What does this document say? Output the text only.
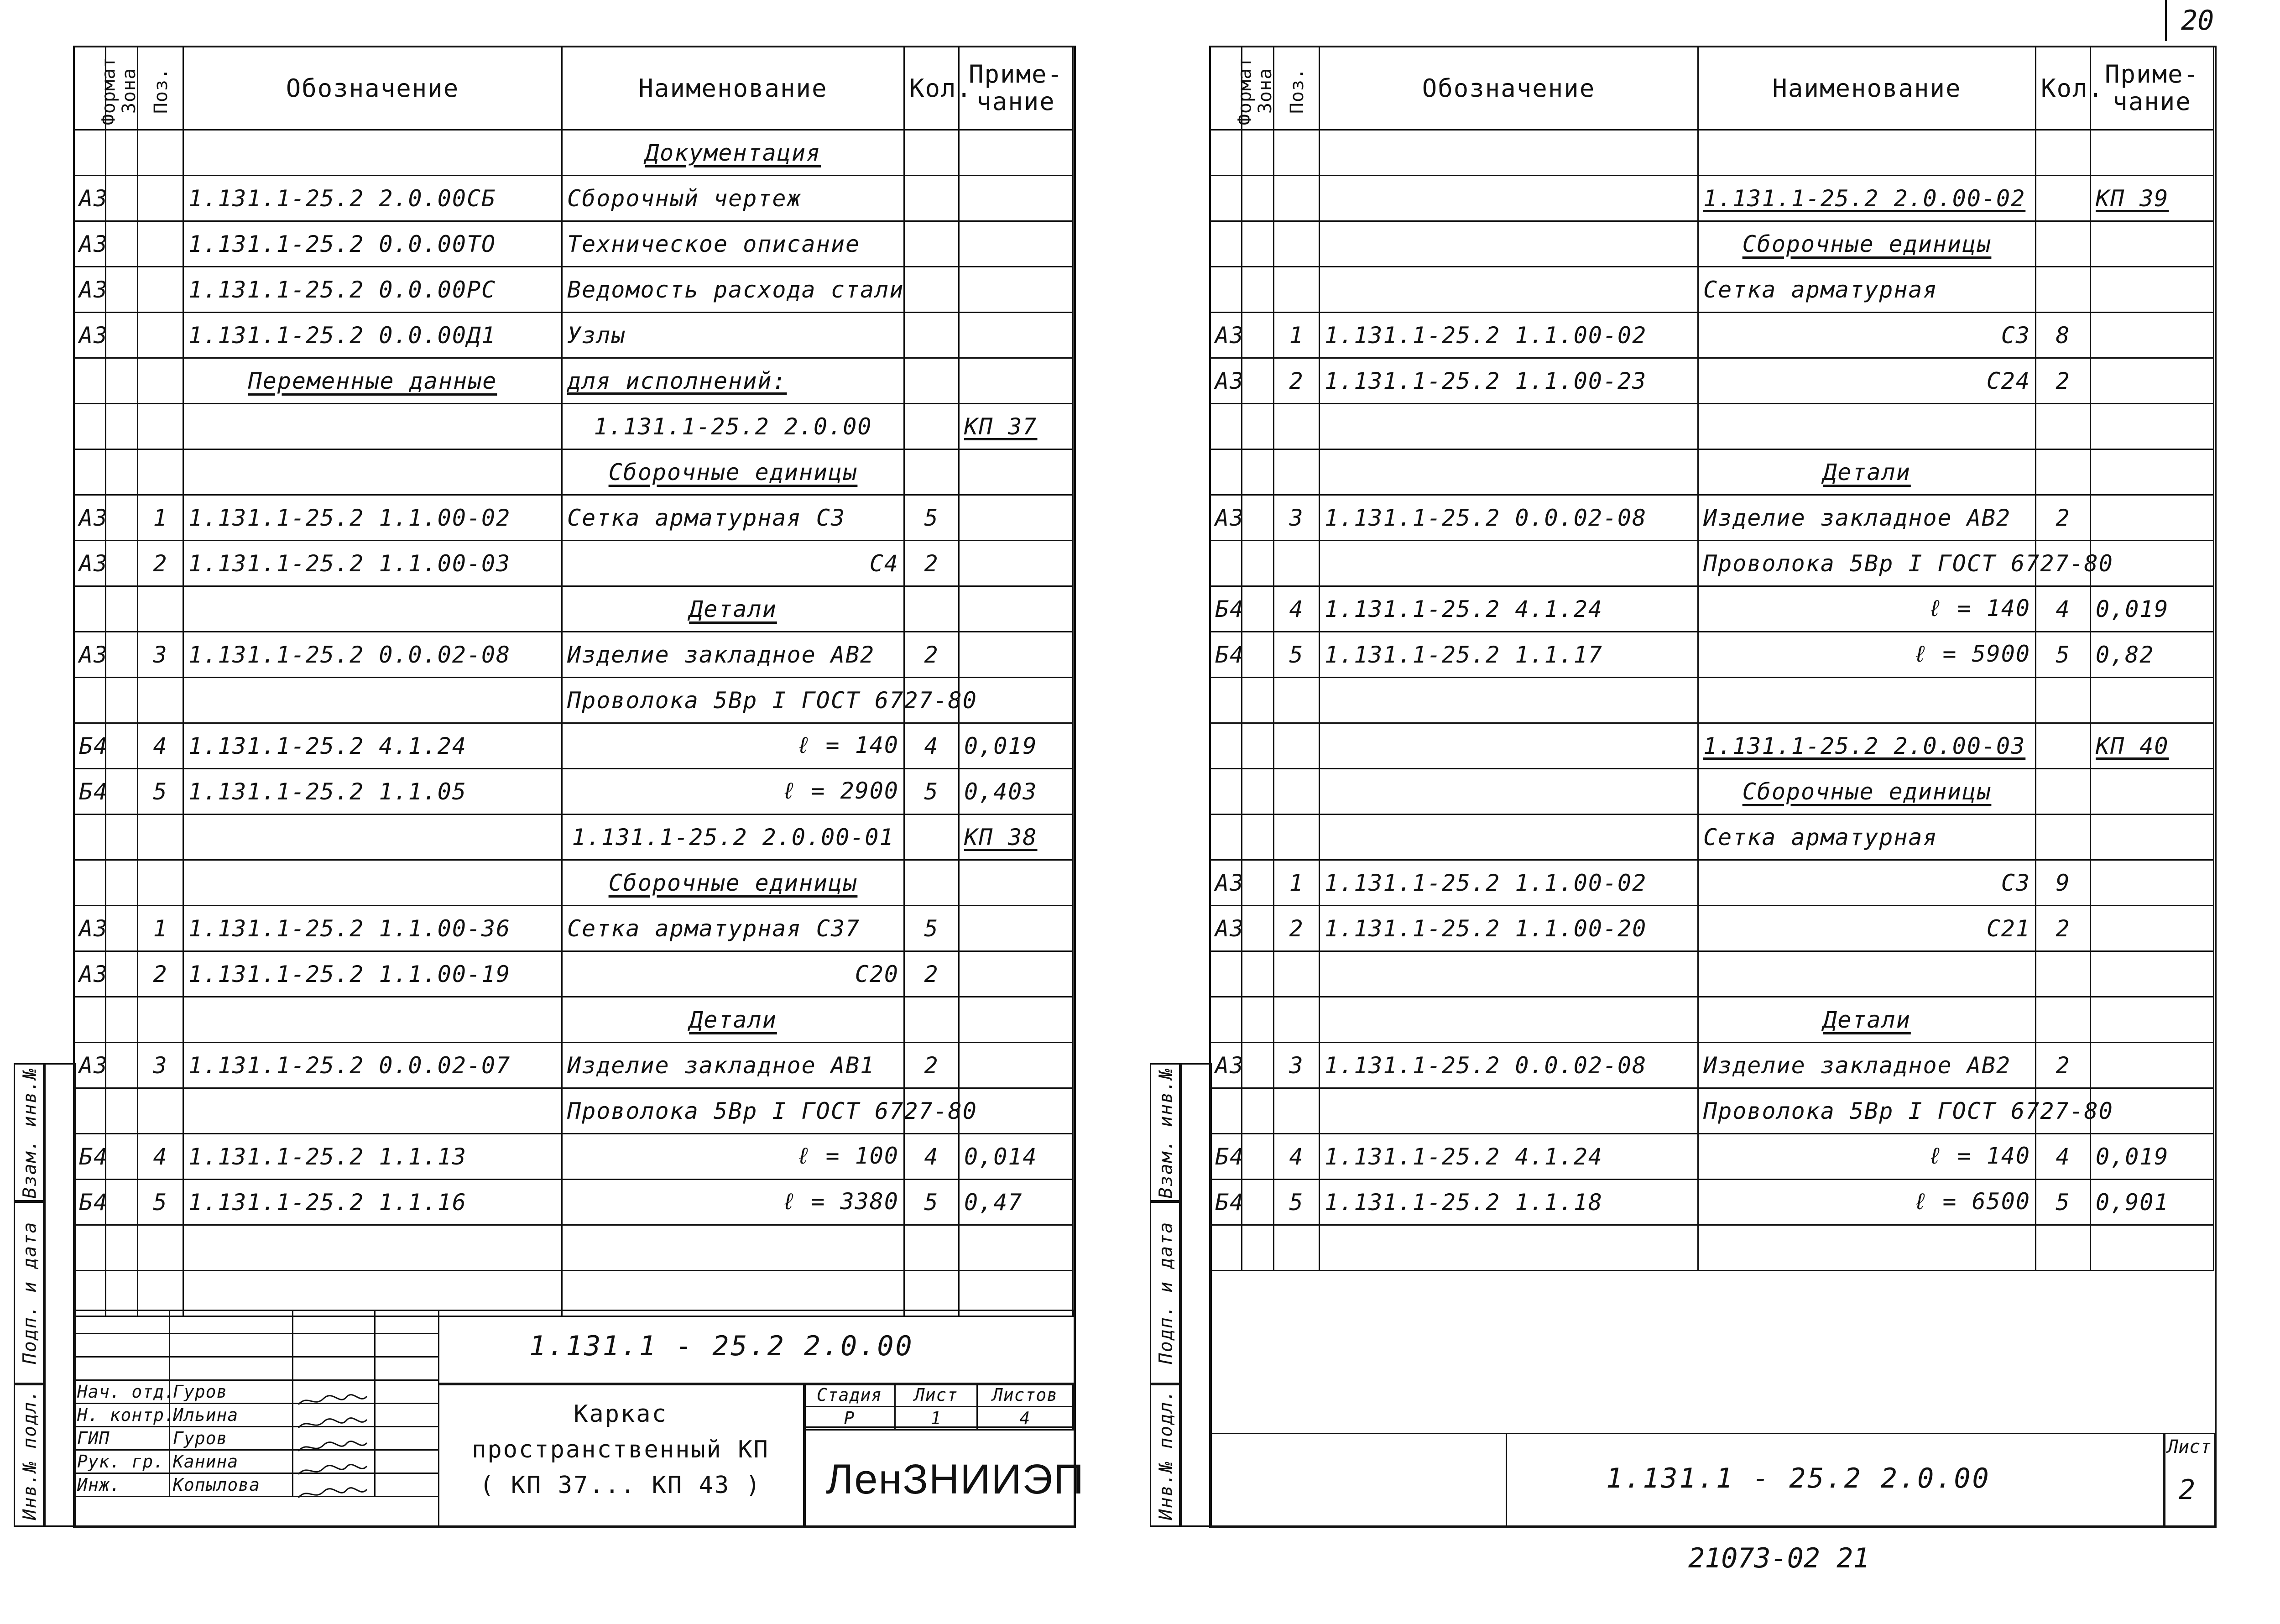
Формат	Зона	Поз.	Обозначение	Наименование	Кол.	Приме- чание
				Документация		
А3			1.131.1-25.2 2.0.00СБ	Сборочный чертеж		
А3			1.131.1-25.2 0.0.00ТО	Техническое описание		
А3			1.131.1-25.2 0.0.00РС	Ведомость расхода стали		
А3			1.131.1-25.2 0.0.00Д1	Узлы		
			Переменные данные	для исполнений:		
				1.131.1-25.2 2.0.00		КП 37
				Сборочные единицы		
А3		1	1.131.1-25.2 1.1.00-02	Сетка арматурная С3	5	
А3		2	1.131.1-25.2 1.1.00-03	С4	2	
				Детали		
А3		3	1.131.1-25.2 0.0.02-08	Изделие закладное АВ2	2	
				Проволока 5Вр I ГОСТ 6727-80		
Б4		4	1.131.1-25.2 4.1.24	ℓ = 140	4	0,019
Б4		5	1.131.1-25.2 1.1.05	ℓ = 2900	5	0,403
				1.131.1-25.2 2.0.00-01		КП 38
				Сборочные единицы		
А3		1	1.131.1-25.2 1.1.00-36	Сетка арматурная С37	5	
А3		2	1.131.1-25.2 1.1.00-19	С20	2	
				Детали		
А3		3	1.131.1-25.2 0.0.02-07	Изделие закладное АВ1	2	
				Проволока 5Вр I ГОСТ 6727-80		
Б4		4	1.131.1-25.2 1.1.13	ℓ = 100	4	0,014
Б4		5	1.131.1-25.2 1.1.16	ℓ = 3380	5	0,47

Взам. инв.№
Подп. и дата
Инв.№ подл.
1.131.1 - 25.2 2.0.00

Нач. отд.	Гуров	

Н. контр.	Ильина	

ГИП	Гуров	

Рук. гр.	Канина	

Инж.	Копылова	

Каркас
пространственный КП
( КП 37... КП 43 )
Стадия	Лист	Листов
Р	1	4
ЛенЗНИИЭП
Формат	Зона	Поз.	Обозначение	Наименование	Кол.	Приме- чание

				1.131.1-25.2 2.0.00-02		КП 39
				Сборочные единицы		
				Сетка арматурная		
А3		1	1.131.1-25.2 1.1.00-02	С3	8	
А3		2	1.131.1-25.2 1.1.00-23	С24	2	

				Детали		
А3		3	1.131.1-25.2 0.0.02-08	Изделие закладное АВ2	2	
				Проволока 5Вр I ГОСТ 6727-80		
Б4		4	1.131.1-25.2 4.1.24	ℓ = 140	4	0,019
Б4		5	1.131.1-25.2 1.1.17	ℓ = 5900	5	0,82

				1.131.1-25.2 2.0.00-03		КП 40
				Сборочные единицы		
				Сетка арматурная		
А3		1	1.131.1-25.2 1.1.00-02	С3	9	
А3		2	1.131.1-25.2 1.1.00-20	С21	2	

				Детали		
А3		3	1.131.1-25.2 0.0.02-08	Изделие закладное АВ2	2	
				Проволока 5Вр I ГОСТ 6727-80		
Б4		4	1.131.1-25.2 4.1.24	ℓ = 140	4	0,019
Б4		5	1.131.1-25.2 1.1.18	ℓ = 6500	5	0,901

Взам. инв.№
Подп. и дата
Инв.№ подл.	1.131.1 - 25.2 2.0.00
Лист
2
20
21073-02 21
